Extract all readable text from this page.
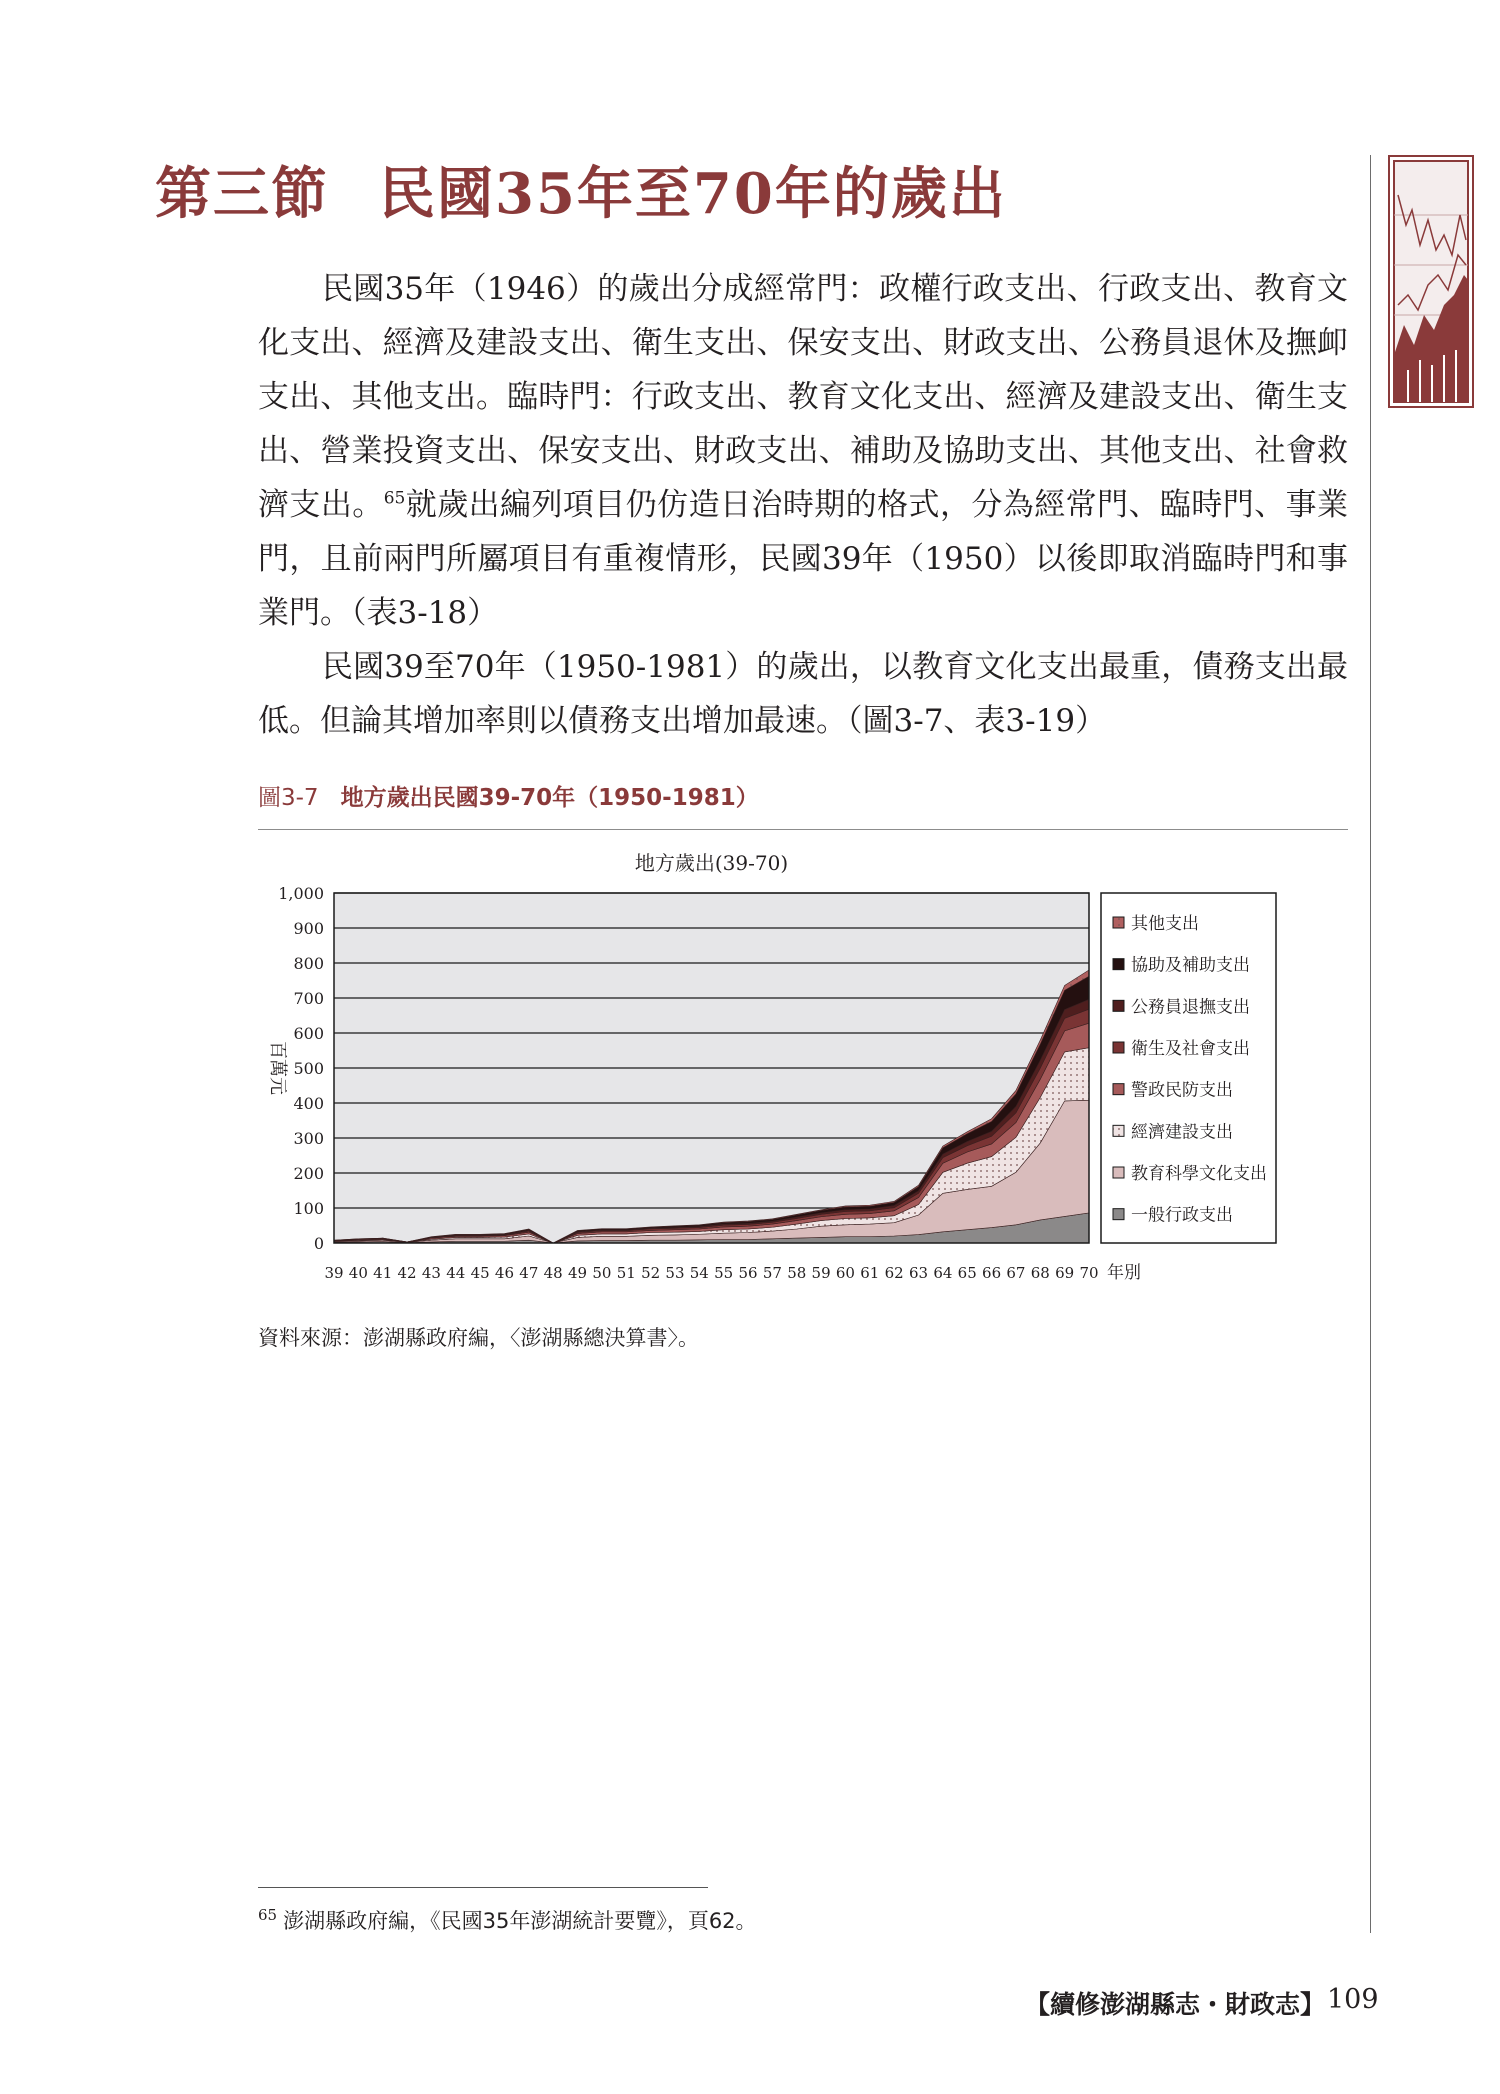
第三節 民國35年至70年的歲出

民國35年（1946）的歲出分成經常門：政權行政支出、行政支出、教育文化支出、經濟及建設支出、衛生支出、保安支出、財政支出、公務員退休及撫卹支出、其他支出。臨時門：行政支出、教育文化支出、經濟及建設支出、衛生支出、營業投資支出、保安支出、財政支出、補助及協助支出、其他支出、社會救濟支出。$^{65}$就歲出編列項目仍仿造日治時期的格式，分為經常門、臨時門、事業門，且前兩門所屬項目有重複情形，民國39年（1950）以後即取消臨時門和事業門。（表3-18）

民國39至70年（1950-1981）的歲出，以教育文化支出最重，債務支出最低。但論其增加率則以債務支出增加最速。（圖3-7、表3-19）

圖3-7 地方歲出民國39-70年（1950-1981）

地方歲出(39-70)
0
100
200
300
400
500
600
700
800
900
1,000
39 40 41 42 43 44 45 46 47 48 49 50 51 52 53 54 55 56 57 58 59 60 61 62 63 64 65 66 67 68 69 70 年別
百萬元
其他支出
協助及補助支出
公務員退撫支出
衛生及社會支出
警政民防支出
經濟建設支出
教育科學文化支出
一般行政支出

資料來源：澎湖縣政府編，〈澎湖縣總決算書〉。

$^{65}$ 澎湖縣政府編，《民國35年澎湖統計要覽》，頁62。

【續修澎湖縣志・財政志】 109
